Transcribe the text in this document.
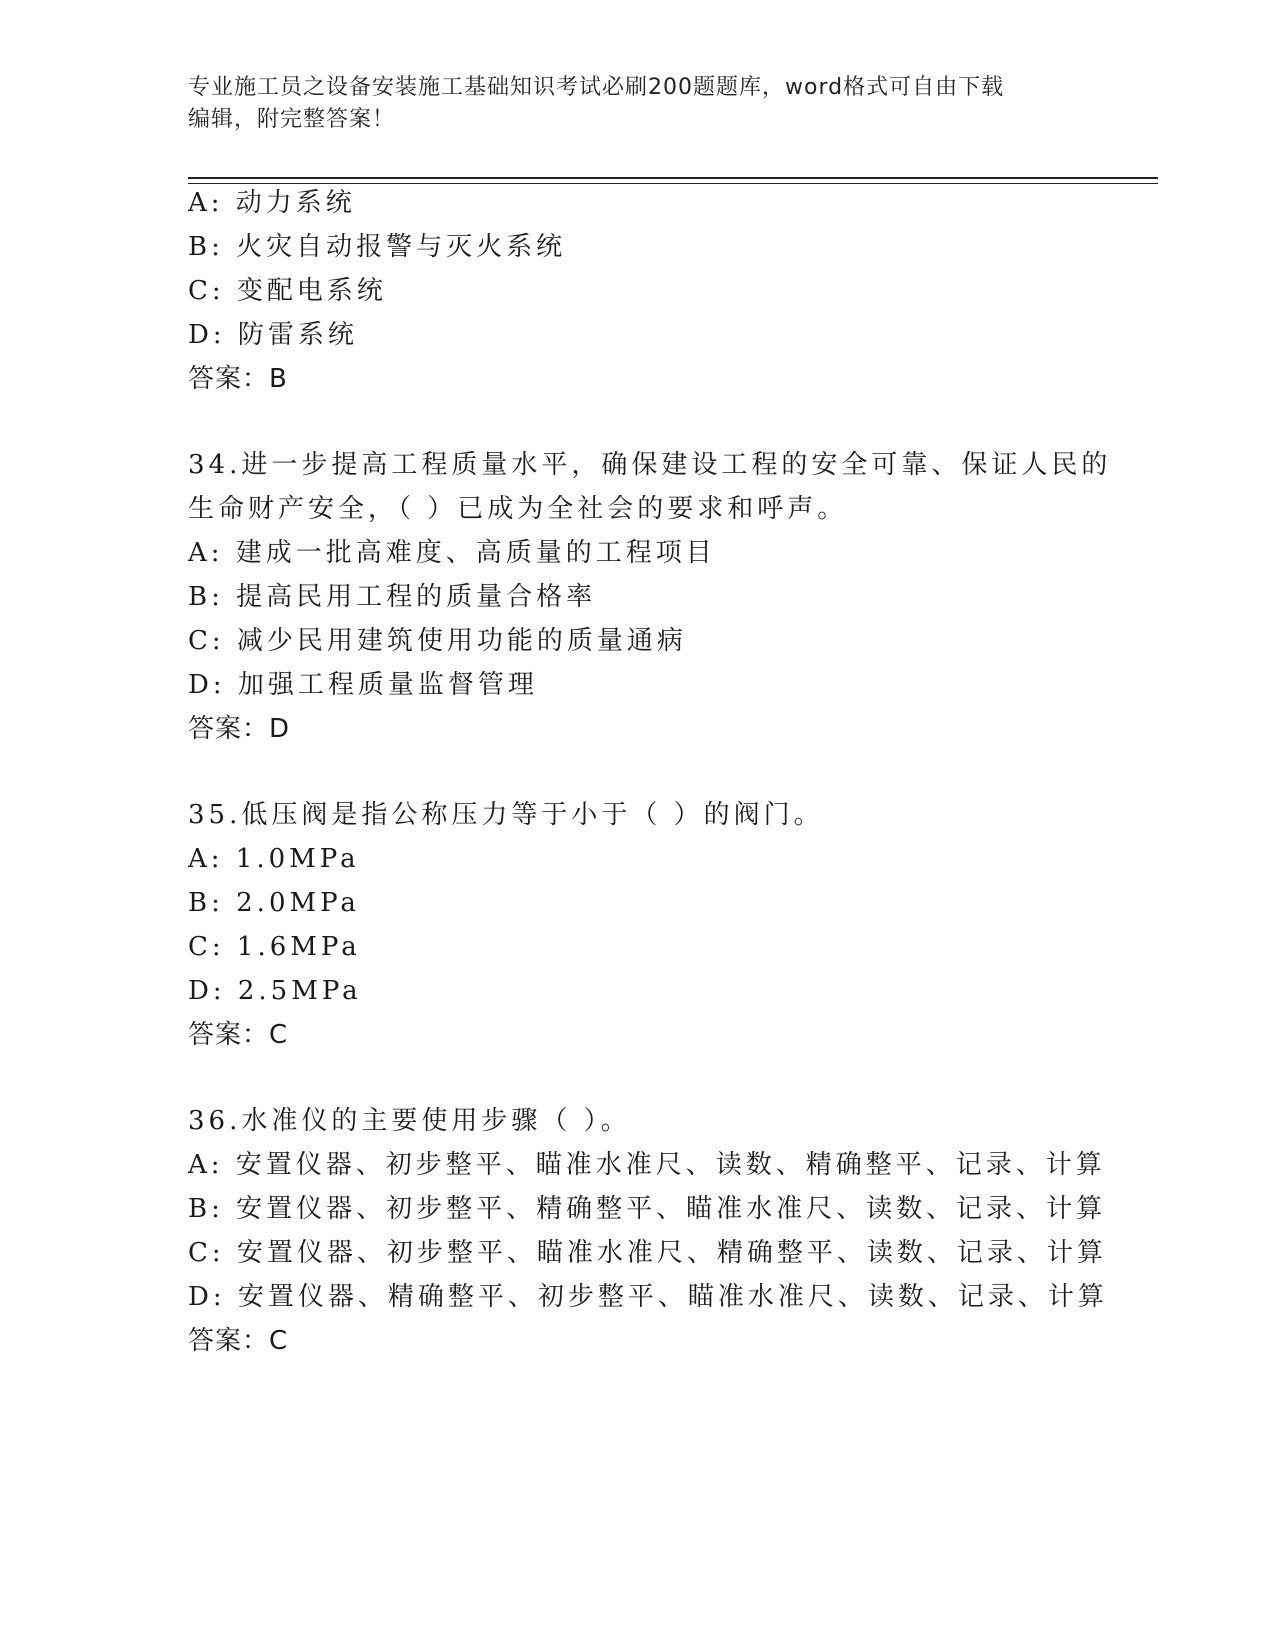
专业施工员之设备安装施工基础知识考试必刷200题题库，word格式可自由下载
编辑，附完整答案！
A: 动力系统
B: 火灾自动报警与灭火系统
C: 变配电系统
D: 防雷系统
答案：B
34.进一步提高工程质量水平，确保建设工程的安全可靠、保证人民的
生命财产安全，（ ）已成为全社会的要求和呼声。
A: 建成一批高难度、高质量的工程项目
B: 提高民用工程的质量合格率
C: 减少民用建筑使用功能的质量通病
D: 加强工程质量监督管理
答案：D
35.低压阀是指公称压力等于小于（ ）的阀门。
A: 1.0MPa
B: 2.0MPa
C: 1.6MPa
D: 2.5MPa
答案：C
36.水准仪的主要使用步骤（ ）。
A: 安置仪器、初步整平、瞄准水准尺、读数、精确整平、记录、计算
B: 安置仪器、初步整平、精确整平、瞄准水准尺、读数、记录、计算
C: 安置仪器、初步整平、瞄准水准尺、精确整平、读数、记录、计算
D: 安置仪器、精确整平、初步整平、瞄准水准尺、读数、记录、计算
答案：C
